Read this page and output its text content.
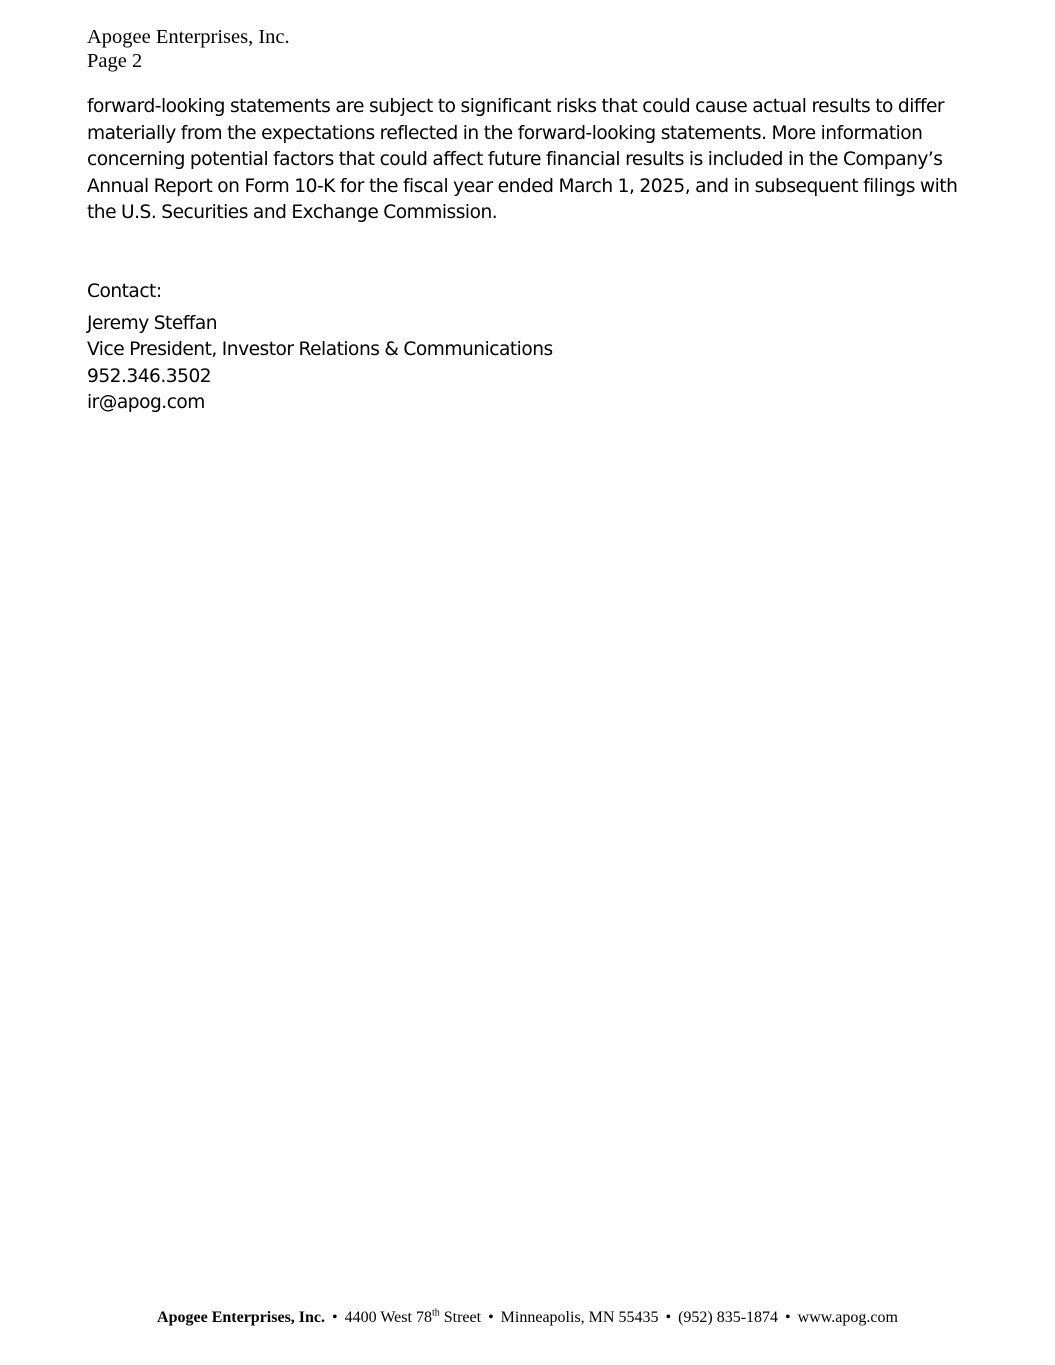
Apogee Enterprises, Inc.
Page 2

forward-looking statements are subject to significant risks that could cause actual results to differ materially from the expectations reflected in the forward-looking statements. More information concerning potential factors that could affect future financial results is included in the Company’s Annual Report on Form 10-K for the fiscal year ended March 1, 2025, and in subsequent filings with the U.S. Securities and Exchange Commission.

Contact:
Jeremy Steffan
Vice President, Investor Relations & Communications
952.346.3502
ir@apog.com
Apogee Enterprises, Inc. • 4400 West 78th Street • Minneapolis, MN 55435 • (952) 835-1874 • www.apog.com
